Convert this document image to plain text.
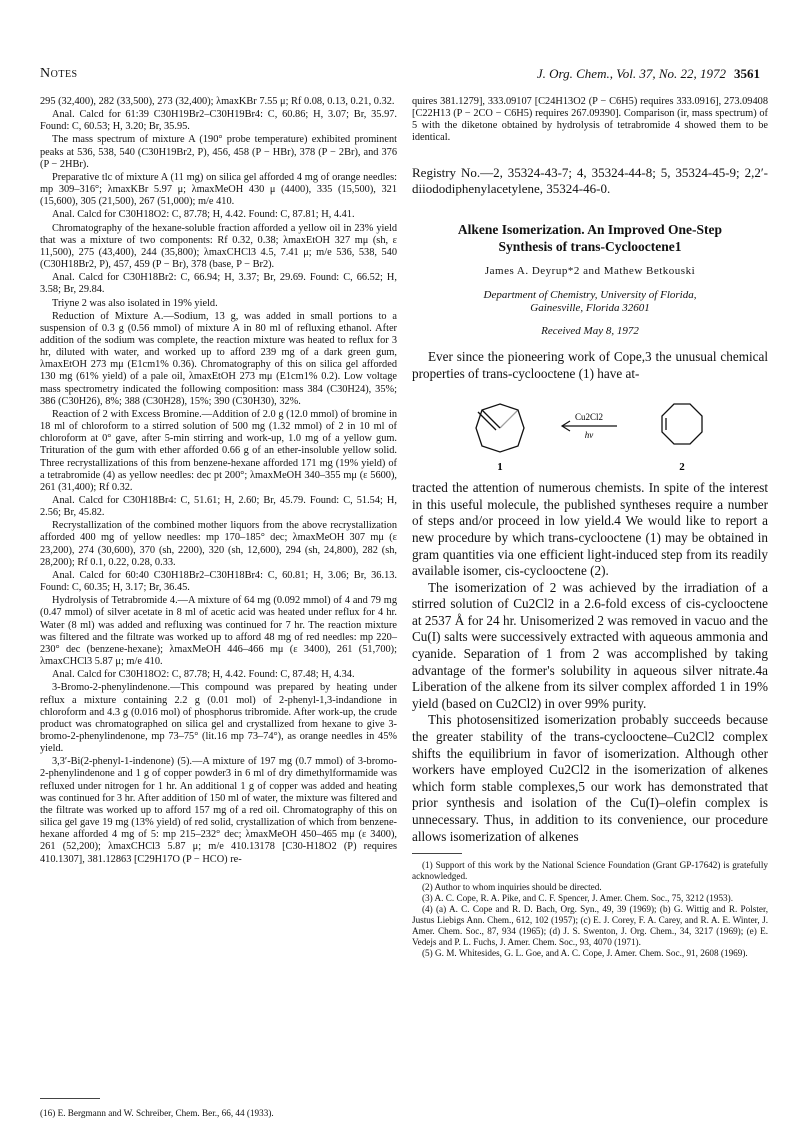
Notes	J. Org. Chem., Vol. 37, No. 22, 1972 3561

295 (32,400), 282 (33,500), 273 (32,400); λmaxKBr 7.55 μ; Rf 0.08, 0.13, 0.21, 0.32.

Anal. Calcd for 61:39 C30H19Br2–C30H19Br4: C, 60.86; H, 3.07; Br, 35.97. Found: C, 60.53; H, 3.20; Br, 35.95.

The mass spectrum of mixture A (190° probe temperature) exhibited prominent peaks at 536, 538, 540 (C30H19Br2, P), 456, 458 (P − HBr), 378 (P − 2Br), and 376 (P − 2HBr).

Preparative tlc of mixture A (11 mg) on silica gel afforded 4 mg of orange needles: mp 309–316°; λmaxKBr 5.97 μ; λmaxMeOH 430 μ (4400), 335 (15,500), 321 (15,600), 305 (21,500), 267 (51,000); m/e 410.

Anal. Calcd for C30H18O2: C, 87.78; H, 4.42. Found: C, 87.81; H, 4.41.

Chromatography of the hexane-soluble fraction afforded a yellow oil in 23% yield that was a mixture of two components: Rf 0.32, 0.38; λmaxEtOH 327 mμ (sh, ε 11,500), 275 (43,400), 244 (35,800); λmaxCHCl3 4.5, 7.41 μ; m/e 536, 538, 540 (C30H18Br2, P), 457, 459 (P − Br), 378 (base, P − Br2).

Anal. Calcd for C30H18Br2: C, 66.94; H, 3.37; Br, 29.69. Found: C, 66.52; H, 3.58; Br, 29.84.

Triyne 2 was also isolated in 19% yield.

Reduction of Mixture A.—Sodium, 13 g, was added in small portions to a suspension of 0.3 g (0.56 mmol) of mixture A in 80 ml of refluxing ethanol. After addition of the sodium was complete, the reaction mixture was heated to reflux for 3 hr, diluted with water, and worked up to afford 239 mg of a dark green gum, λmaxEtOH 273 mμ (E1cm1% 0.36). Chromatography of this on silica gel afforded 130 mg (61% yield) of a pale oil, λmaxEtOH 273 mμ (E1cm1% 0.2). Low voltage mass spectrometry indicated the following composition: mass 384 (C30H24), 35%; 386 (C30H26), 8%; 388 (C30H28), 15%; 390 (C30H30), 32%.

Reaction of 2 with Excess Bromine.—Addition of 2.0 g (12.0 mmol) of bromine in 18 ml of chloroform to a stirred solution of 500 mg (1.32 mmol) of 2 in 10 ml of chloroform at 0° gave, after 5-min stirring and work-up, 1.0 mg of a yellow gum. Trituration of the gum with ether afforded 0.66 g of an ether-insoluble yellow solid. Three recrystallizations of this from benzene-hexane afforded 171 mg (19% yield) of a tetrabromide (4) as yellow needles: dec pt 200°; λmaxMeOH 340–355 mμ (ε 5600), 261 (31,400); Rf 0.32.

Anal. Calcd for C30H18Br4: C, 51.61; H, 2.60; Br, 45.79. Found: C, 51.54; H, 2.56; Br, 45.82.

Recrystallization of the combined mother liquors from the above recrystallization afforded 400 mg of yellow needles: mp 170–185° dec; λmaxMeOH 307 mμ (ε 23,200), 274 (30,600), 370 (sh, 2200), 320 (sh, 12,600), 294 (sh, 24,800), 282 (sh, 28,200); Rf 0.1, 0.22, 0.28, 0.33.

Anal. Calcd for 60:40 C30H18Br2–C30H18Br4: C, 60.81; H, 3.06; Br, 36.13. Found: C, 60.35; H, 3.17; Br, 36.45.

Hydrolysis of Tetrabromide 4.—A mixture of 64 mg (0.092 mmol) of 4 and 79 mg (0.47 mmol) of silver acetate in 8 ml of acetic acid was heated under reflux for 4 hr. Water (8 ml) was added and refluxing was continued for 7 hr. The reaction mixture was filtered and the filtrate was worked up to afford 48 mg of red needles: mp 220–230° dec (benzene-hexane); λmaxMeOH 446–466 mμ (ε 3400), 261 (51,700); λmaxCHCl3 5.87 μ; m/e 410.

Anal. Calcd for C30H18O2: C, 87.78; H, 4.42. Found: C, 87.48; H, 4.34.

3-Bromo-2-phenylindenone.—This compound was prepared by heating under reflux a mixture containing 2.2 g (0.01 mol) of 2-phenyl-1,3-indandione in chloroform and 4.3 g (0.016 mol) of phosphorus tribromide. After work-up, the crude product was chromatographed on silica gel and crystallized from hexane to give 3-bromo-2-phenylindenone, mp 73–75° (lit.16 mp 73–74°), as orange needles in 45% yield.

3,3′-Bi(2-phenyl-1-indenone) (5).—A mixture of 197 mg (0.7 mmol) of 3-bromo-2-phenylindenone and 1 g of copper powder3 in 6 ml of dry dimethylformamide was refluxed under nitrogen for 1 hr. An additional 1 g of copper was added and heating was continued for 3 hr. After addition of 150 ml of water, the mixture was filtered and the filtrate was worked up to afford 157 mg of a red oil. Chromatography of this on silica gel gave 19 mg (13% yield) of red solid, crystallization of which from benzene-hexane afforded 4 mg of 5: mp 215–232° dec; λmaxMeOH 450–465 mμ (ε 3400), 261 (52,200); λmaxCHCl3 5.87 μ; m/e 410.13178 [C30-H18O2 (P) requires 410.1307], 381.12863 [C29H17O (P − HCO) re-

(16) E. Bergmann and W. Schreiber, Chem. Ber., 66, 44 (1933).

quires 381.1279], 333.09107 [C24H13O2 (P − C6H5) requires 333.0916], 273.09408 [C22H13 (P − 2CO − C6H5) requires 267.09390]. Comparison (ir, mass spectrum) of 5 with the diketone obtained by hydrolysis of tetrabromide 4 showed them to be identical.

Registry No.—2, 35324-43-7; 4, 35324-44-8; 5, 35324-45-9; 2,2′-diiododiphenylacetylene, 35324-46-0.

Alkene Isomerization. An Improved One-Step
Synthesis of trans-Cyclooctene1
James A. Deyrup*2 and Mathew Betkouski
Department of Chemistry, University of Florida,
Gainesville, Florida 32601
Received May 8, 1972

Ever since the pioneering work of Cope,3 the unusual chemical properties of trans-cyclooctene (1) have at-

Cu2Cl2
hν
1	2

tracted the attention of numerous chemists. In spite of the interest in this useful molecule, the published syntheses require a number of steps and/or proceed in low yield.4 We would like to report a new procedure by which trans-cyclooctene (1) may be obtained in gram quantities via one efficient light-induced step from its readily available isomer, cis-cyclooctene (2).

The isomerization of 2 was achieved by the irradiation of a stirred solution of Cu2Cl2 in a 2.6-fold excess of cis-cyclooctene at 2537 Å for 24 hr. Unisomerized 2 was removed in vacuo and the Cu(I) salts were successively extracted with aqueous ammonia and cyanide. Separation of 1 from 2 was accomplished by taking advantage of the former's solubility in aqueous silver nitrate.4a Liberation of the alkene from its silver complex afforded 1 in 19% yield (based on Cu2Cl2) in over 99% purity.

This photosensitized isomerization probably succeeds because the greater stability of the trans-cyclooctene–Cu2Cl2 complex shifts the equilibrium in favor of isomerization. Although other workers have employed Cu2Cl2 in the isomerization of alkenes which form stable complexes,5 our work has demonstrated that prior synthesis and isolation of the Cu(I)–olefin complex is unnecessary. Thus, in addition to its convenience, our procedure allows isomerization of alkenes

(1) Support of this work by the National Science Foundation (Grant GP-17642) is gratefully acknowledged.

(2) Author to whom inquiries should be directed.

(3) A. C. Cope, R. A. Pike, and C. F. Spencer, J. Amer. Chem. Soc., 75, 3212 (1953).

(4) (a) A. C. Cope and R. D. Bach, Org. Syn., 49, 39 (1969); (b) G. Wittig and R. Polster, Justus Liebigs Ann. Chem., 612, 102 (1957); (c) E. J. Corey, F. A. Carey, and R. A. E. Winter, J. Amer. Chem. Soc., 87, 934 (1965); (d) J. S. Swenton, J. Org. Chem., 34, 3217 (1969); (e) E. Vedejs and P. L. Fuchs, J. Amer. Chem. Soc., 93, 4070 (1971).

(5) G. M. Whitesides, G. L. Goe, and A. C. Cope, J. Amer. Chem. Soc., 91, 2608 (1969).
